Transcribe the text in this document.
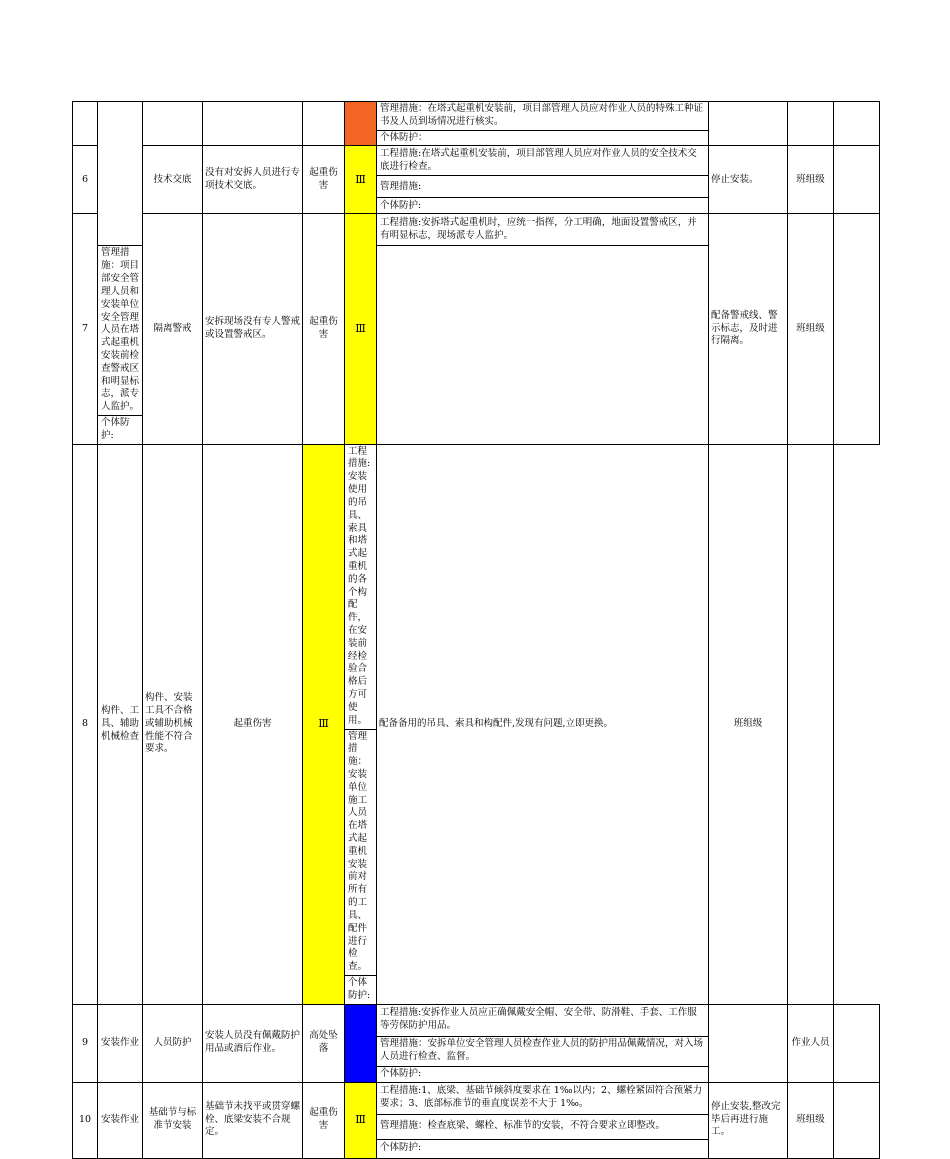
						管理措施：在塔式起重机安装前，项目部管理人员应对作业人员的特殊工种证书及人员到场情况进行核实。			
						个体防护：			
6		技术交底	没有对安拆人员进行专项技术交底。	起重伤害	Ⅲ	工程措施:在塔式起重机安装前，项目部管理人员应对作业人员的安全技术交底进行检查。	停止安装。	班组级	
						管理措施:			
						个体防护:			
7		隔离警戒	安拆现场没有专人警戒或设置警戒区。	起重伤害	Ⅲ	工程措施:安拆塔式起重机时，应统一指挥，分工明确，地面设置警戒区，并有明显标志，现场派专人监护。	配备警戒线、警示标志，及时进行隔离。	班组级	
	管理措施：项目部安全管理人员和安装单位安全管理人员在塔式起重机安装前检查警戒区和明显标志，派专人监护。								
	个体防护:								
8	构件、工具、辅助机械检查	构件、安装工具不合格或辅助机械性能不符合要求。	起重伤害	Ⅲ	工程措施:安装使用的吊具、索具和塔式起重机的各个构配件，在安装前经检验合格后方可使用。	配备备用的吊具、索具和构配件,发现有问题,立即更换。	班组级		
					管理措施：安装单位施工人员在塔式起重机安装前对所有的工具、配件进行检查。				
					个体防护:				
9	安装作业	人员防护	安装人员没有佩戴防护用品或酒后作业。	高处坠落		工程措施:安拆作业人员应正确佩戴安全帽、安全带、防滑鞋、手套、工作服等劳保防护用品。		作业人员	
						管理措施：安拆单位安全管理人员检查作业人员的防护用品佩戴情况，对入场人员进行检查、监督。			
						个体防护:			
10	安装作业	基础节与标准节安装	基础节未找平或贯穿螺栓、底梁安装不合规定。	起重伤害	Ⅲ	工程措施:1、底梁、基础节倾斜度要求在 1‰以内；2、螺栓紧固符合预紧力要求；3、底部标准节的垂直度误差不大于 1‰。	停止安装,整改完毕后再进行施工。	班组级	
						管理措施：检查底梁、螺栓、标准节的安装，不符合要求立即整改。			
						个体防护:			
